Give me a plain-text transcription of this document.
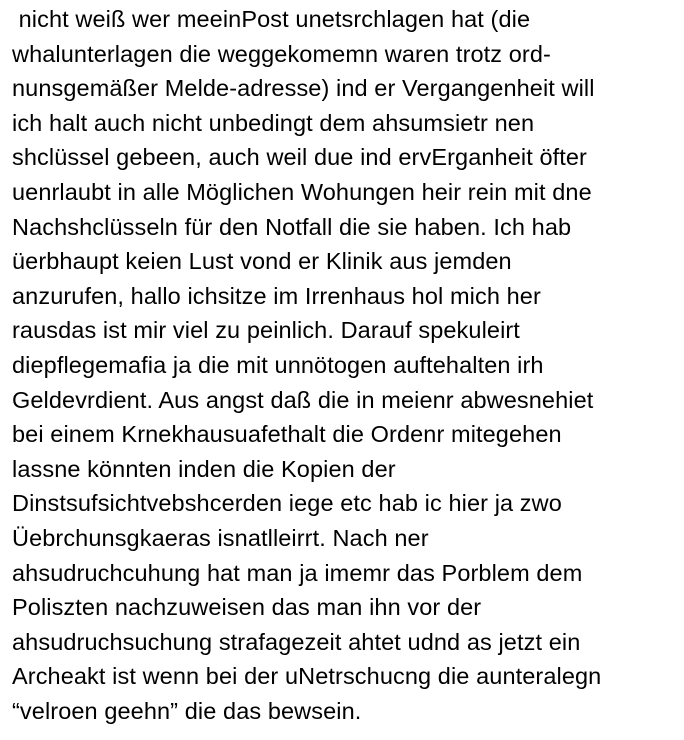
nicht weiß wer meeinPost unetsrchlagen hat (die
whalunterlagen die weggekomemn waren trotz ord-
nunsgemäßer Melde-adresse) ind er Vergangenheit will
ich halt auch nicht unbedingt dem ahsumsietr nen
shclüssel gebeen, auch weil due ind ervErganheit öfter
uenrlaubt in alle Möglichen Wohungen heir rein mit dne
Nachshclüsseln für den Notfall die sie haben. Ich hab
üerbhaupt keien Lust vond er Klinik aus jemden
anzurufen, hallo ichsitze im Irrenhaus hol mich her
rausdas ist mir viel zu peinlich. Darauf spekuleirt
diepflegemafia ja die mit unnötogen auftehalten irh
Geldevrdient. Aus angst daß die in meienr abwesnehiet
bei einem Krnekhausuafethalt die Ordenr mitegehen
lassne könnten inden die Kopien der
Dinstsufsichtvebshcerden iege etc hab ic hier ja zwo
Üebrchunsgkaeras isnatlleirrt. Nach ner
ahsudruchcuhung hat man ja imemr das Porblem dem
Poliszten nachzuweisen das man ihn vor der
ahsudruchsuchung strafagezeit ahtet udnd as jetzt ein
Archeakt ist wenn bei der uNetrschucng die aunteralegn
“velroen geehn” die das bewsein.
